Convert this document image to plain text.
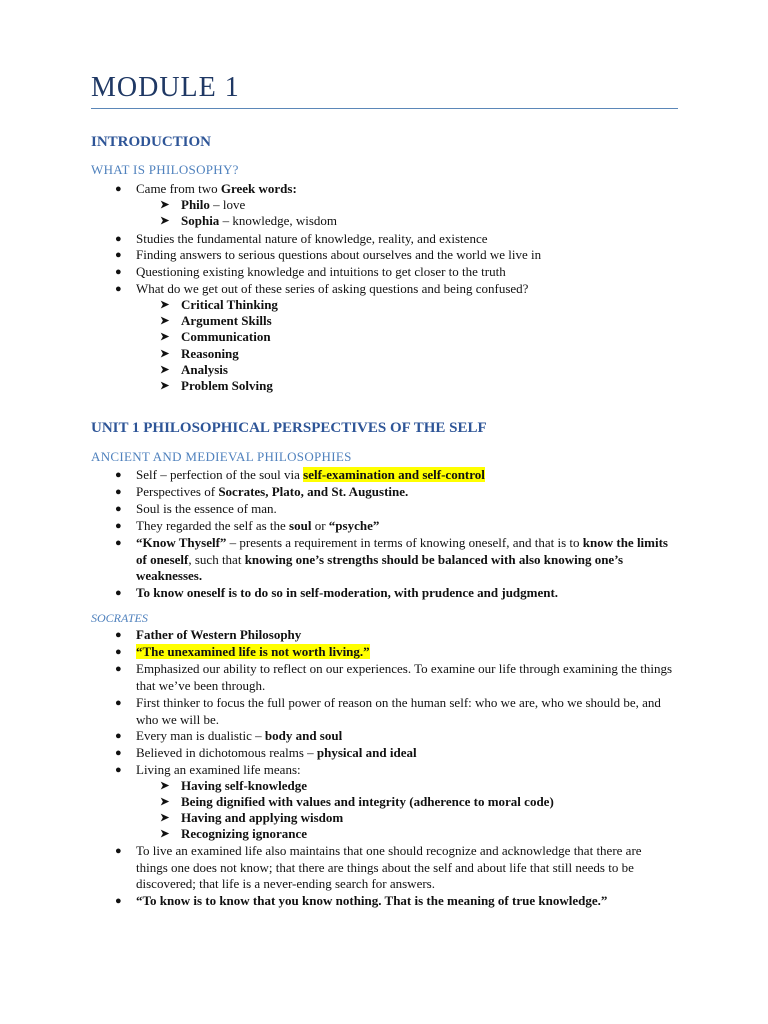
MODULE 1
INTRODUCTION
WHAT IS PHILOSOPHY?
●	Came from two Greek words:
➤ Philo – love
➤ Sophia – knowledge, wisdom
●	Studies the fundamental nature of knowledge, reality, and existence
●	Finding answers to serious questions about ourselves and the world we live in
●	Questioning existing knowledge and intuitions to get closer to the truth
●	What do we get out of these series of asking questions and being confused?
➤ Critical Thinking
➤ Argument Skills
➤ Communication
➤ Reasoning
➤ Analysis
➤ Problem Solving
UNIT 1 PHILOSOPHICAL PERSPECTIVES OF THE SELF
ANCIENT AND MEDIEVAL PHILOSOPHIES
●	Self – perfection of the soul via self-examination and self-control
●	Perspectives of Socrates, Plato, and St. Augustine.
●	Soul is the essence of man.
●	They regarded the self as the soul or “psyche”
●	“Know Thyself” – presents a requirement in terms of knowing oneself, and that is to know the limits of oneself, such that knowing one’s strengths should be balanced with also knowing one’s weaknesses.
●	To know oneself is to do so in self-moderation, with prudence and judgment.
SOCRATES
●	Father of Western Philosophy
●	“The unexamined life is not worth living.”
●	Emphasized our ability to reflect on our experiences. To examine our life through examining the things that we’ve been through.
●	First thinker to focus the full power of reason on the human self: who we are, who we should be, and who we will be.
●	Every man is dualistic – body and soul
●	Believed in dichotomous realms – physical and ideal
●	Living an examined life means:
➤ Having self-knowledge
➤ Being dignified with values and integrity (adherence to moral code)
➤ Having and applying wisdom
➤ Recognizing ignorance
●	To live an examined life also maintains that one should recognize and acknowledge that there are things one does not know; that there are things about the self and about life that still needs to be discovered; that life is a never-ending search for answers.
●	“To know is to know that you know nothing. That is the meaning of true knowledge.”
